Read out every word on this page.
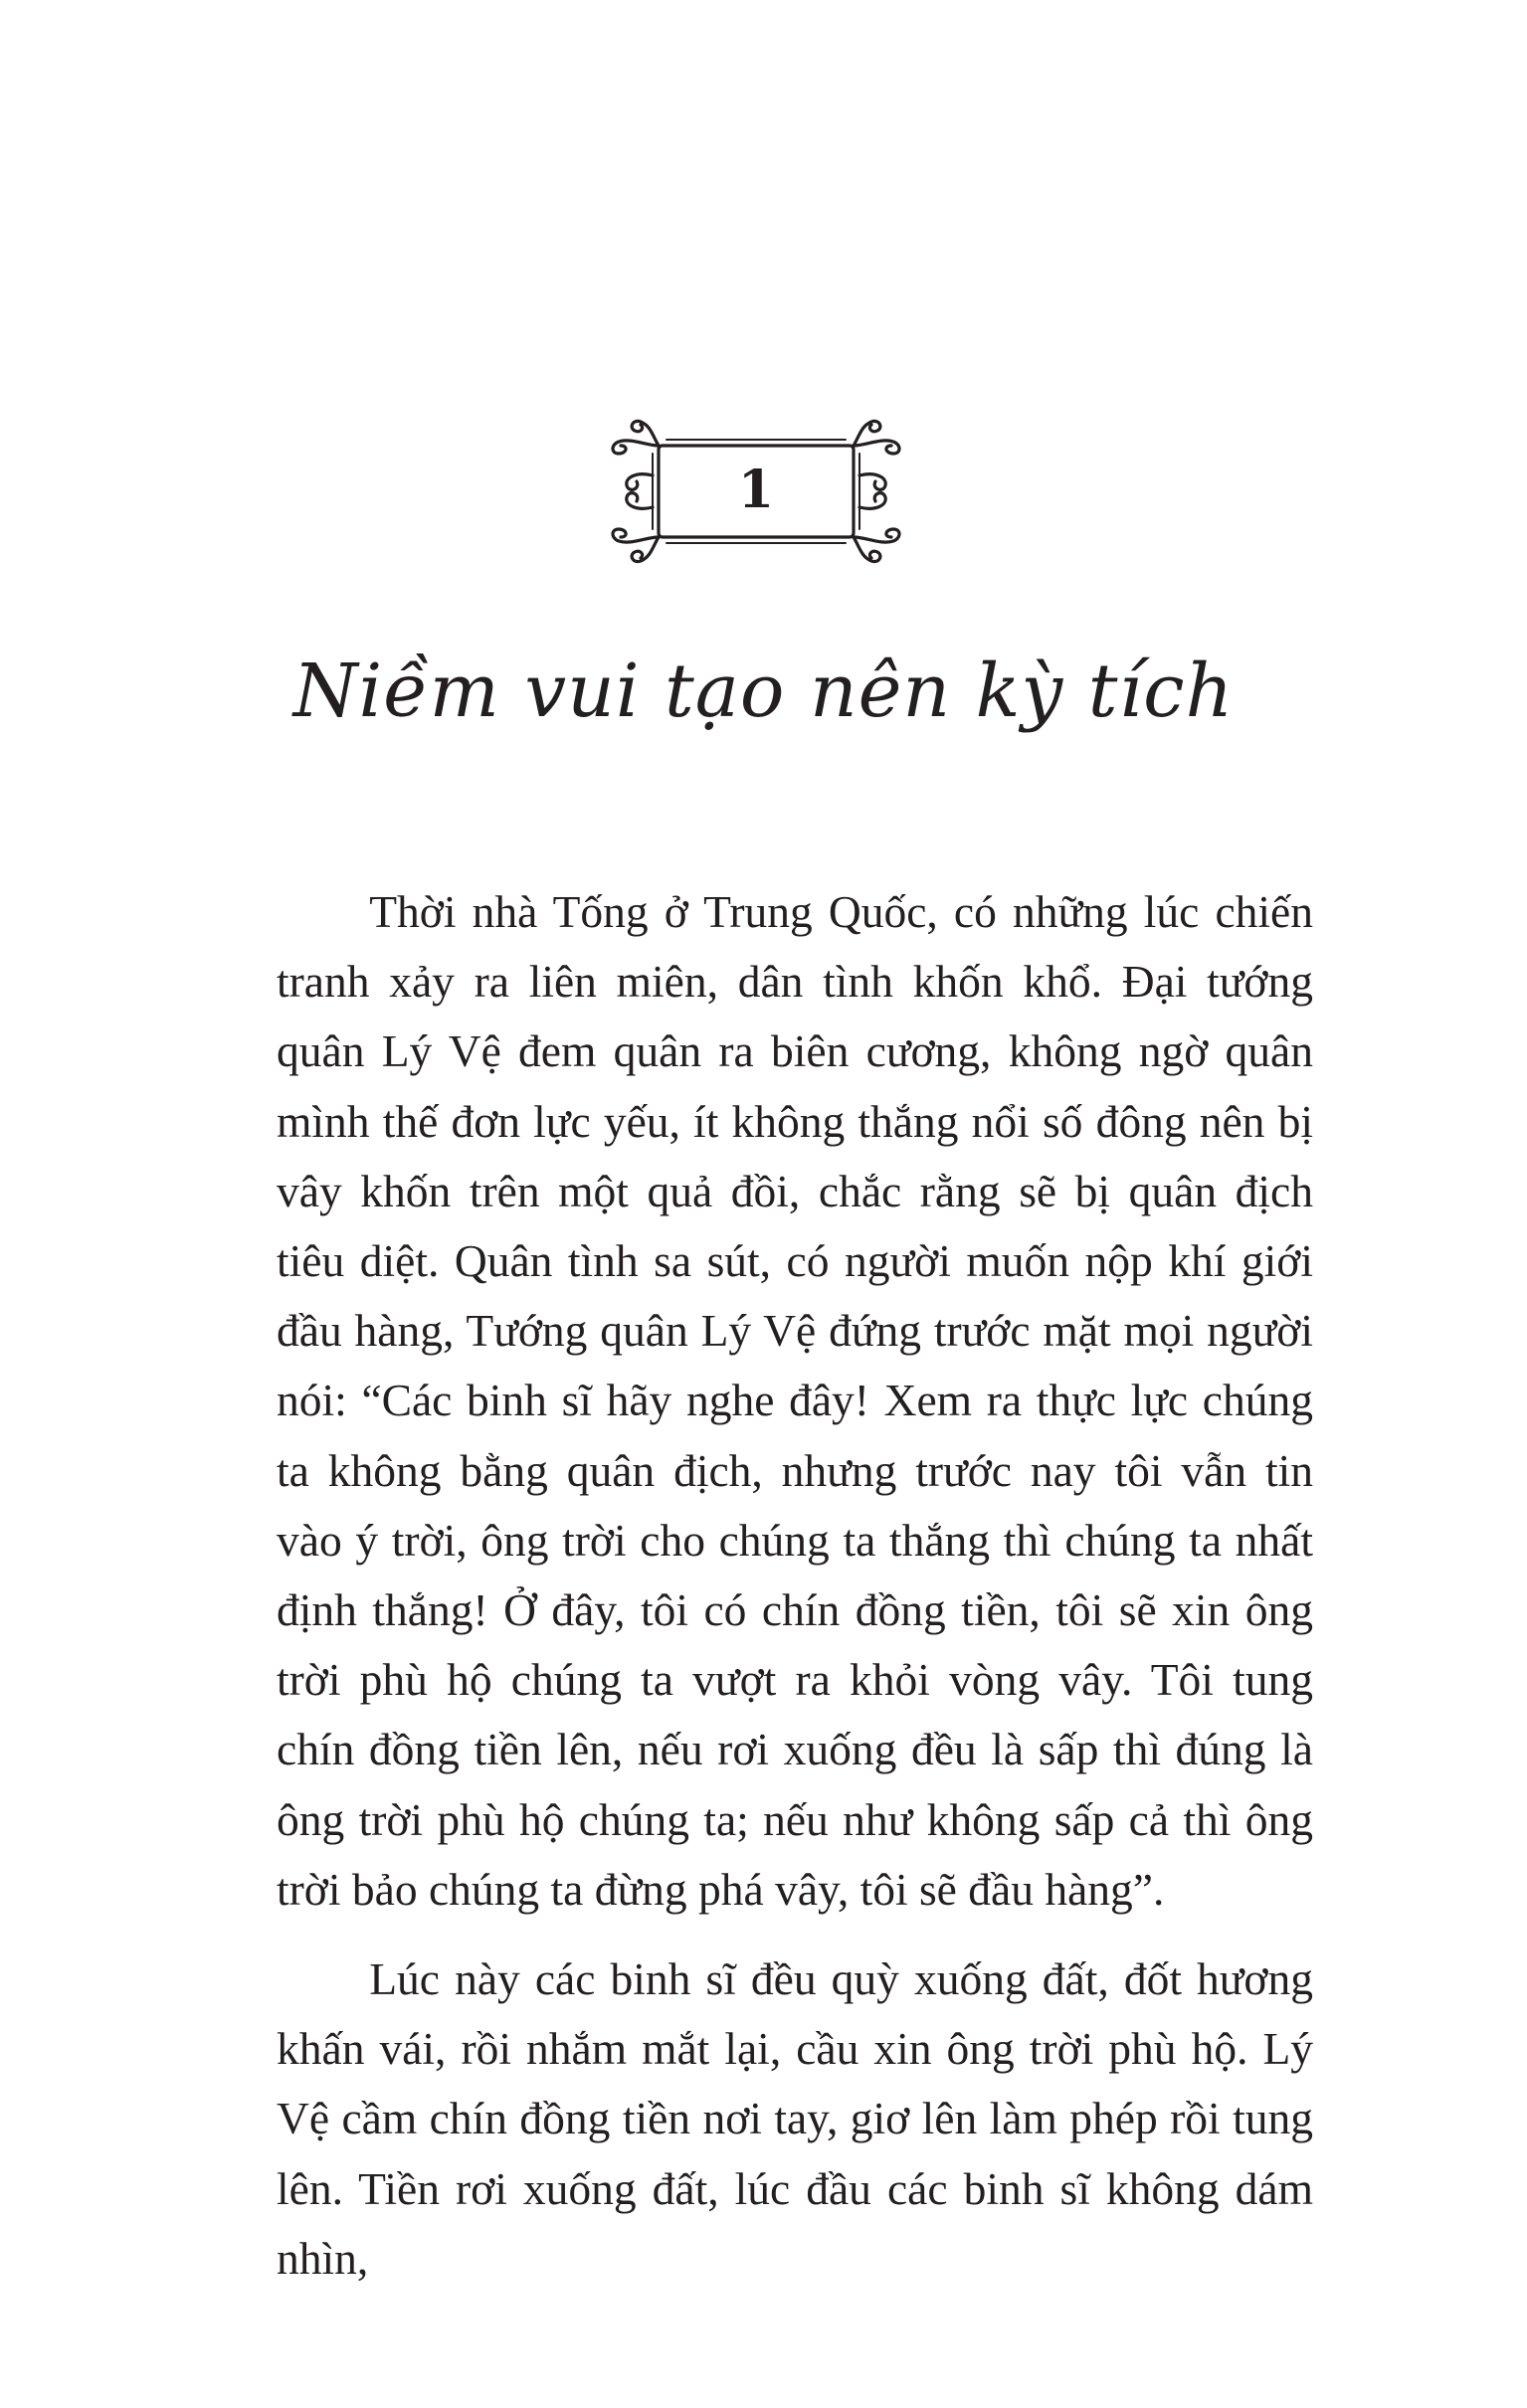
1
Niềm vui tạo nên kỳ tích

Thời nhà Tống ở Trung Quốc, có những lúc chiến tranh xảy ra liên miên, dân tình khốn khổ. Đại tướng quân Lý Vệ đem quân ra biên cương, không ngờ quân mình thế đơn lực yếu, ít không thắng nổi số đông nên bị vây khốn trên một quả đồi, chắc rằng sẽ bị quân địch tiêu diệt. Quân tình sa sút, có người muốn nộp khí giới đầu hàng, Tướng quân Lý Vệ đứng trước mặt mọi người nói: “Các binh sĩ hãy nghe đây! Xem ra thực lực chúng ta không bằng quân địch, nhưng trước nay tôi vẫn tin vào ý trời, ông trời cho chúng ta thắng thì chúng ta nhất định thắng! Ở đây, tôi có chín đồng tiền, tôi sẽ xin ông trời phù hộ chúng ta vượt ra khỏi vòng vây. Tôi tung chín đồng tiền lên, nếu rơi xuống đều là sấp thì đúng là ông trời phù hộ chúng ta; nếu như không sấp cả thì ông trời bảo chúng ta đừng phá vây, tôi sẽ đầu hàng”.

Lúc này các binh sĩ đều quỳ xuống đất, đốt hương khấn vái, rồi nhắm mắt lại, cầu xin ông trời phù hộ. Lý Vệ cầm chín đồng tiền nơi tay, giơ lên làm phép rồi tung lên. Tiền rơi xuống đất, lúc đầu các binh sĩ không dám nhìn,
